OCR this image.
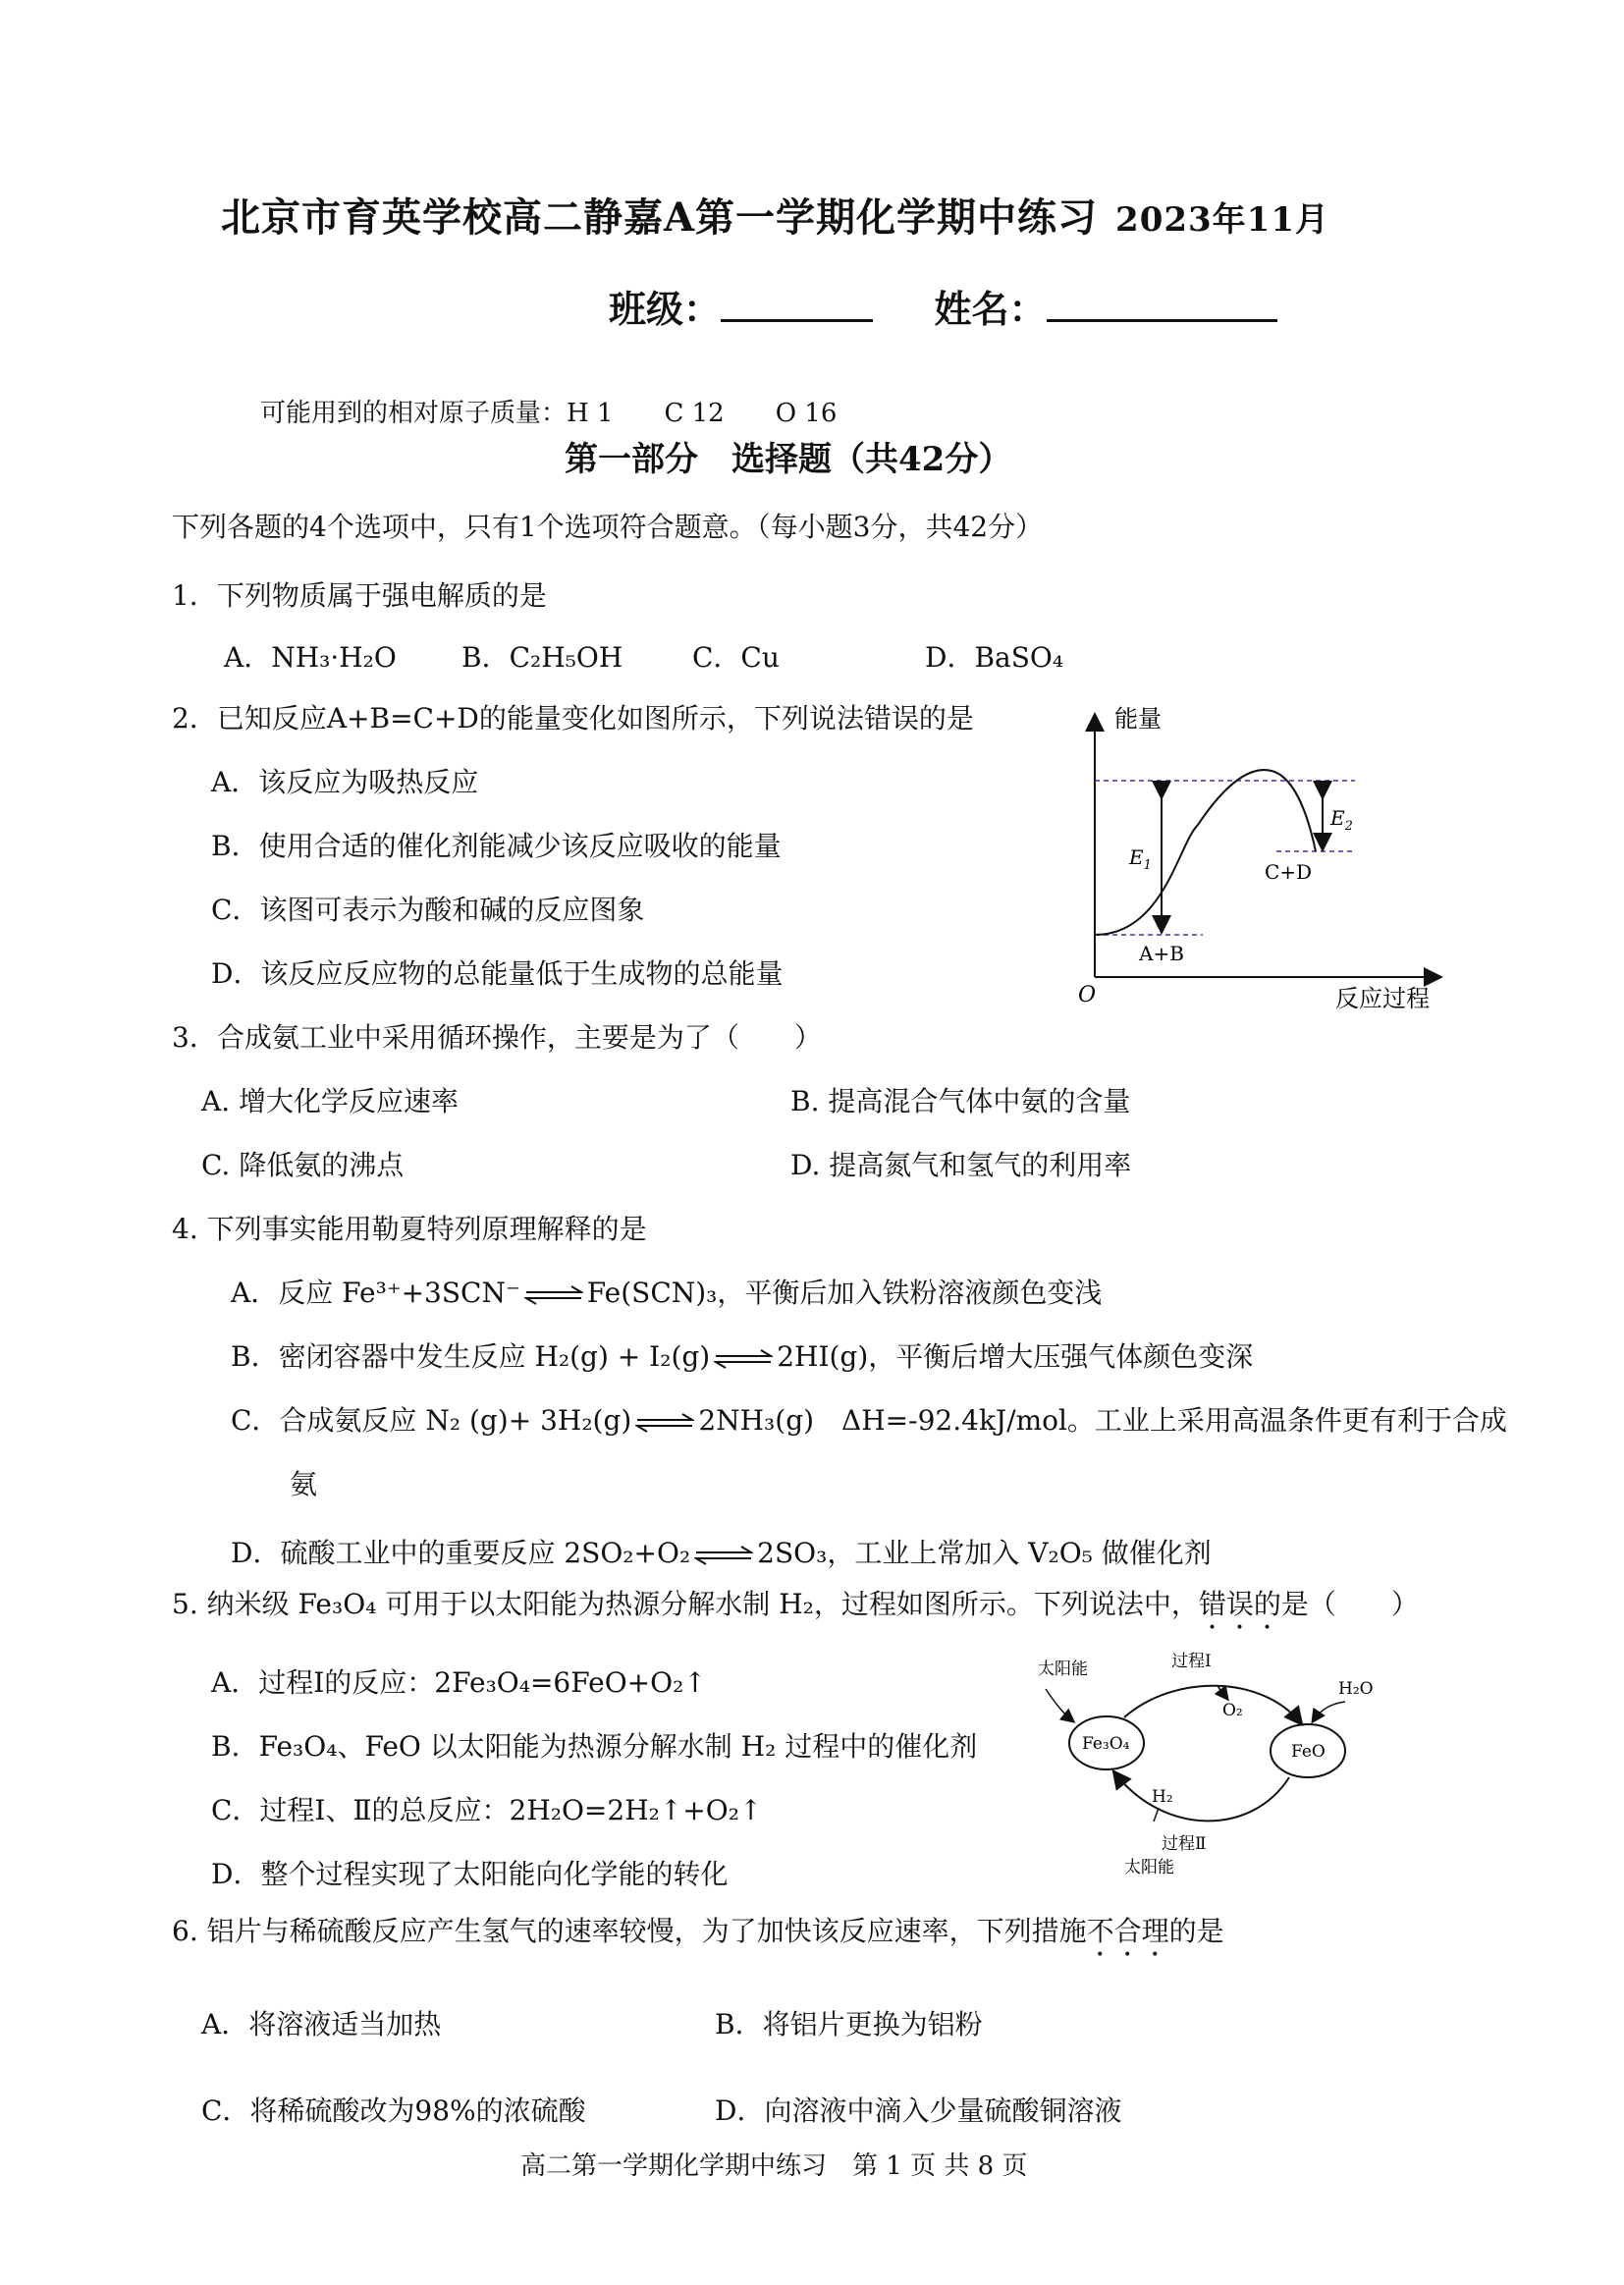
北京市育英学校高二静嘉A第一学期化学期中练习 2023年11月
班级：	姓名：
可能用到的相对原子质量：H 1　　C 12　　O 16
第一部分　选择题（共42分）
下列各题的4个选项中，只有1个选项符合题意。（每小题3分，共42分）
1．下列物质属于强电解质的是
A．NH₃·H₂O B．C₂H₅OH	C．Cu	D．BaSO₄
2．已知反应A+B=C+D的能量变化如图所示，下列说法错误的是
A．该反应为吸热反应
B．使用合适的催化剂能减少该反应吸收的能量
C．该图可表示为酸和碱的反应图象
D．该反应反应物的总能量低于生成物的总能量
能量
反应过程
O
$E_1$
$E_2$
A+B
C+D
3．合成氨工业中采用循环操作，主要是为了（　　）
A. 增大化学反应速率	B. 提高混合气体中氨的含量
C. 降低氨的沸点	D. 提高氮气和氢气的利用率
4. 下列事实能用勒夏特列原理解释的是
A．反应 Fe³⁺+3SCN⁻ ⇌ Fe(SCN)₃，平衡后加入铁粉溶液颜色变浅
B．密闭容器中发生反应 H₂(g) + I₂(g) ⇌ 2HI(g)，平衡后增大压强气体颜色变深
C．合成氨反应 N₂ (g)+ 3H₂(g) ⇌ 2NH₃(g)　ΔH=-92.4kJ/mol。工业上采用高温条件更有利于合成
氨
D．硫酸工业中的重要反应 2SO₂+O₂ ⇌ 2SO₃，工业上常加入 V₂O₅ 做催化剂
5. 纳米级 Fe₃O₄ 可用于以太阳能为热源分解水制 H₂，过程如图所示。下列说法中，错误的是（　　）
A．过程Ⅰ的反应：2Fe₃O₄=6FeO+O₂↑
B．Fe₃O₄、FeO 以太阳能为热源分解水制 H₂ 过程中的催化剂
C．过程Ⅰ、Ⅱ的总反应：2H₂O=2H₂↑+O₂↑
D．整个过程实现了太阳能向化学能的转化
太阳能	过程Ⅰ
O₂
H₂O
Fe₃O₄	FeO
H₂
过程Ⅱ
太阳能
6. 铝片与稀硫酸反应产生氢气的速率较慢，为了加快该反应速率，下列措施不合理的是
A．将溶液适当加热	B．将铝片更换为铝粉
C．将稀硫酸改为98%的浓硫酸	D．向溶液中滴入少量硫酸铜溶液
高二第一学期化学期中练习　第 1 页 共 8 页
